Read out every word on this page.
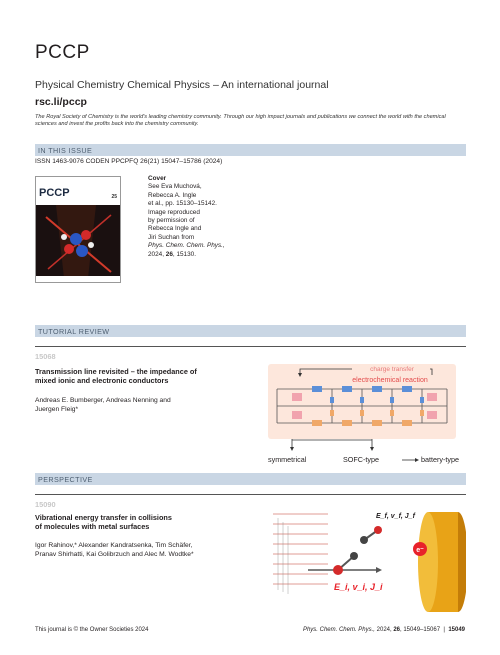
PCCP
Physical Chemistry Chemical Physics – An international journal
rsc.li/pccp
The Royal Society of Chemistry is the world's leading chemistry community. Through our high impact journals and publications we connect the world with the chemical sciences and invest the profits back into the chemistry community.
IN THIS ISSUE
ISSN 1463-9076 CODEN PPCPFQ 26(21) 15047–15786 (2024)
PCCP	25
Cover
See Eva Muchová,
Rebecca A. Ingle
et al., pp. 15130–15142.
Image reproduced
by permission of
Rebecca Ingle and
Jiri Suchan from
Phys. Chem. Chem. Phys.,
2024, 26, 15130.
TUTORIAL REVIEW
15068
Transmission line revisited – the impedance of
mixed ionic and electronic conductors
Andreas E. Bumberger, Andreas Nenning and
Juergen Fleig*
charge transfer
electrochemical reaction
symmetrical	SOFC-type	battery-type
PERSPECTIVE
15090
Vibrational energy transfer in collisions
of molecules with metal surfaces
Igor Rahinov,* Alexander Kandratsenka, Tim Schäfer,
Pranav Shirhatti, Kai Golibrzuch and Alec M. Wodtke*
e⁻
E_f, v_f, J_f
E_i, v_i, J_i
This journal is © the Owner Societies 2024	Phys. Chem. Chem. Phys., 2024, 26, 15049–15067 | 15049
